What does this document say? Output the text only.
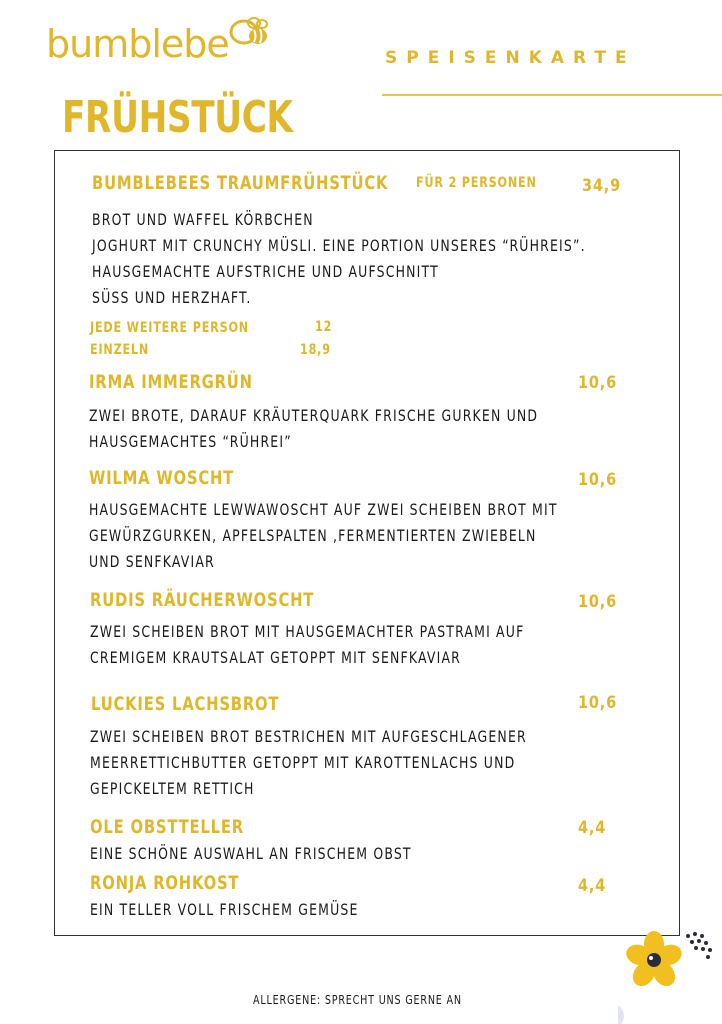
bumblebe	SPEISENKARTE
FRÜHSTÜCK
BUMBLEBEES TRAUMFRÜHSTÜCK FÜR 2 PERSONEN	34,9
BROT UND WAFFEL KÖRBCHEN
JOGHURT MIT CRUNCHY MÜSLI. EINE PORTION UNSERES “RÜHREIS”.
HAUSGEMACHTE AUFSTRICHE UND AUFSCHNITT
SÜSS UND HERZHAFT.
JEDE WEITERE PERSON	12
EINZELN	18,9
IRMA IMMERGRÜN	10,6
ZWEI BROTE, DARAUF KRÄUTERQUARK FRISCHE GURKEN UND
HAUSGEMACHTES “RÜHREI”
WILMA WOSCHT	10,6
HAUSGEMACHTE LEWWAWOSCHT AUF ZWEI SCHEIBEN BROT MIT
GEWÜRZGURKEN, APFELSPALTEN ,FERMENTIERTEN ZWIEBELN
UND SENFKAVIAR
RUDIS RÄUCHERWOSCHT	10,6
ZWEI SCHEIBEN BROT MIT HAUSGEMACHTER PASTRAMI AUF
CREMIGEM KRAUTSALAT GETOPPT MIT SENFKAVIAR
LUCKIES LACHSBROT	10,6
ZWEI SCHEIBEN BROT BESTRICHEN MIT AUFGESCHLAGENER
MEERRETTICHBUTTER GETOPPT MIT KAROTTENLACHS UND
GEPICKELTEM RETTICH
OLE OBSTTELLER	4,4
EINE SCHÖNE AUSWAHL AN FRISCHEM OBST
RONJA ROHKOST	4,4
EIN TELLER VOLL FRISCHEM GEMÜSE
ALLERGENE: SPRECHT UNS GERNE AN
